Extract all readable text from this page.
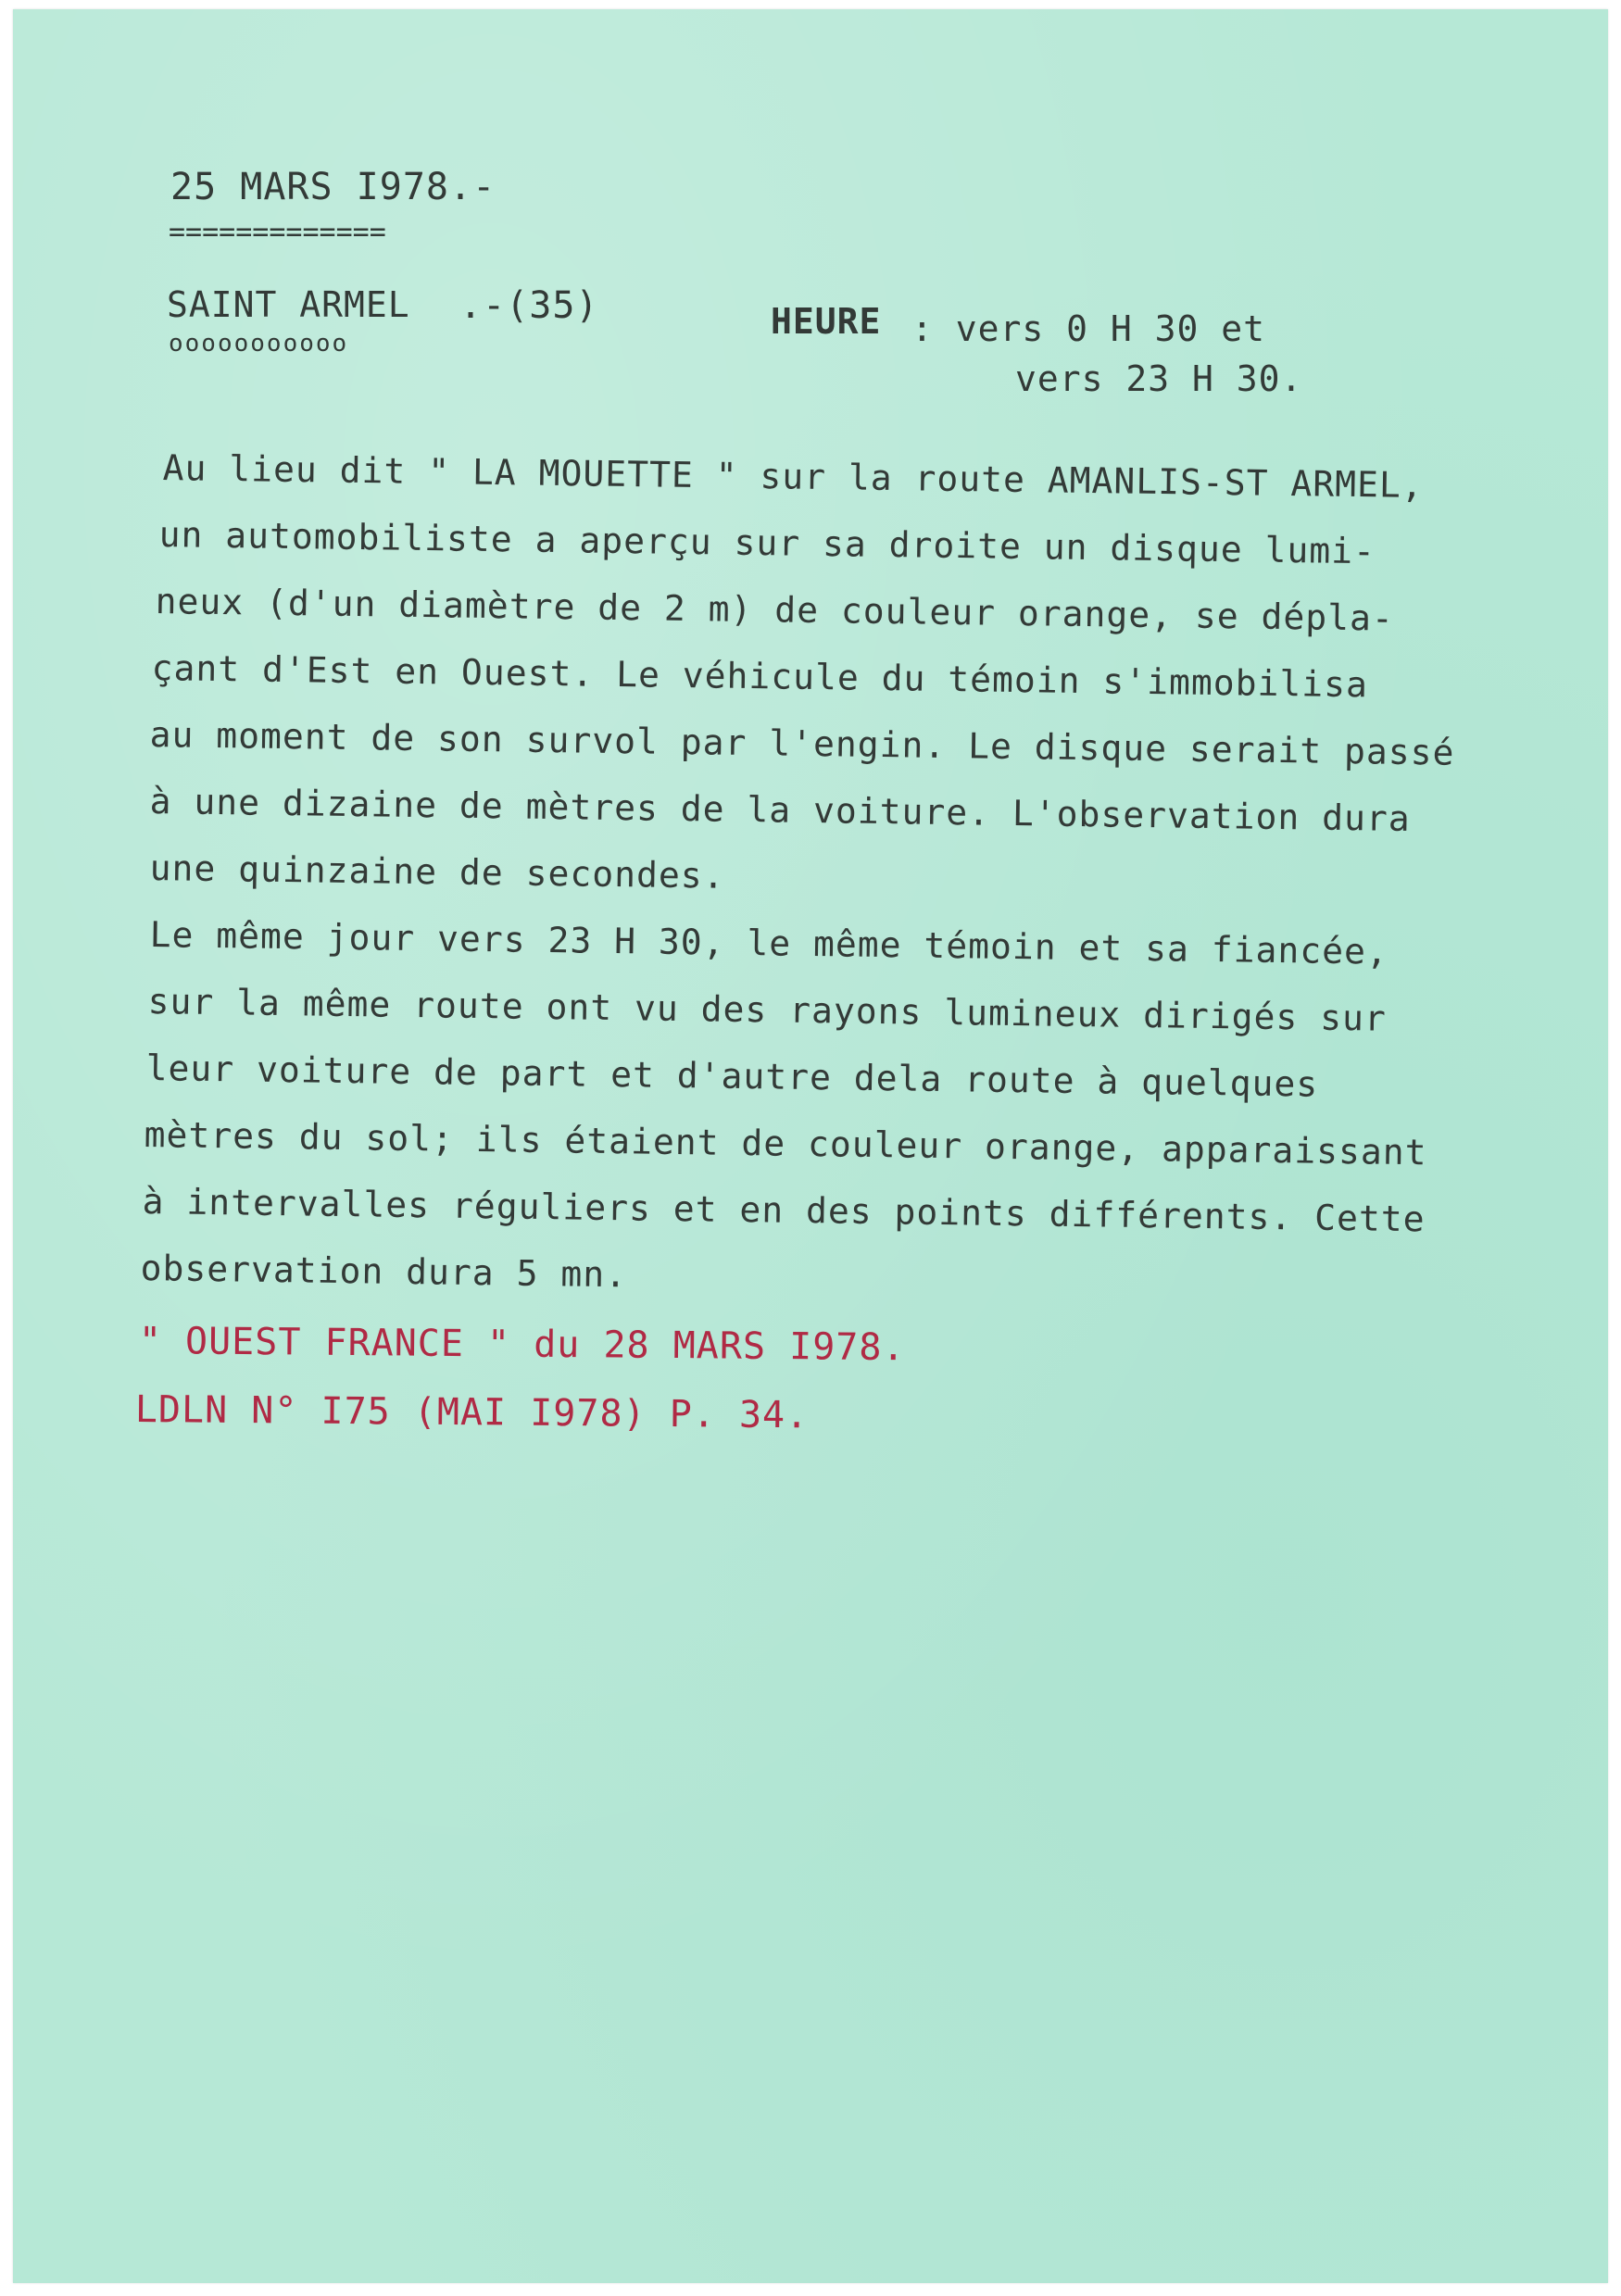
25 MARS I978.-

=============

SAINT ARMEL .-(35)

ooooooooooo

HEURE : vers 0 H 30 et

vers 23 H 30.

Au lieu dit " LA MOUETTE " sur la route AMANLIS-ST ARMEL,

un automobiliste a aperçu sur sa droite un disque lumi-

neux (d'un diamètre de 2 m) de couleur orange, se dépla-

çant d'Est en Ouest. Le véhicule du témoin s'immobilisa

au moment de son survol par l'engin. Le disque serait passé

à une dizaine de mètres de la voiture. L'observation dura

une quinzaine de secondes.

Le même jour vers 23 H 30, le même témoin et sa fiancée,

sur la même route ont vu des rayons lumineux dirigés sur

leur voiture de part et d'autre dela route à quelques

mètres du sol; ils étaient de couleur orange, apparaissant

à intervalles réguliers et en des points différents. Cette

observation dura 5 mn.

" OUEST FRANCE " du 28 MARS I978.

LDLN N° I75 (MAI I978) P. 34.
